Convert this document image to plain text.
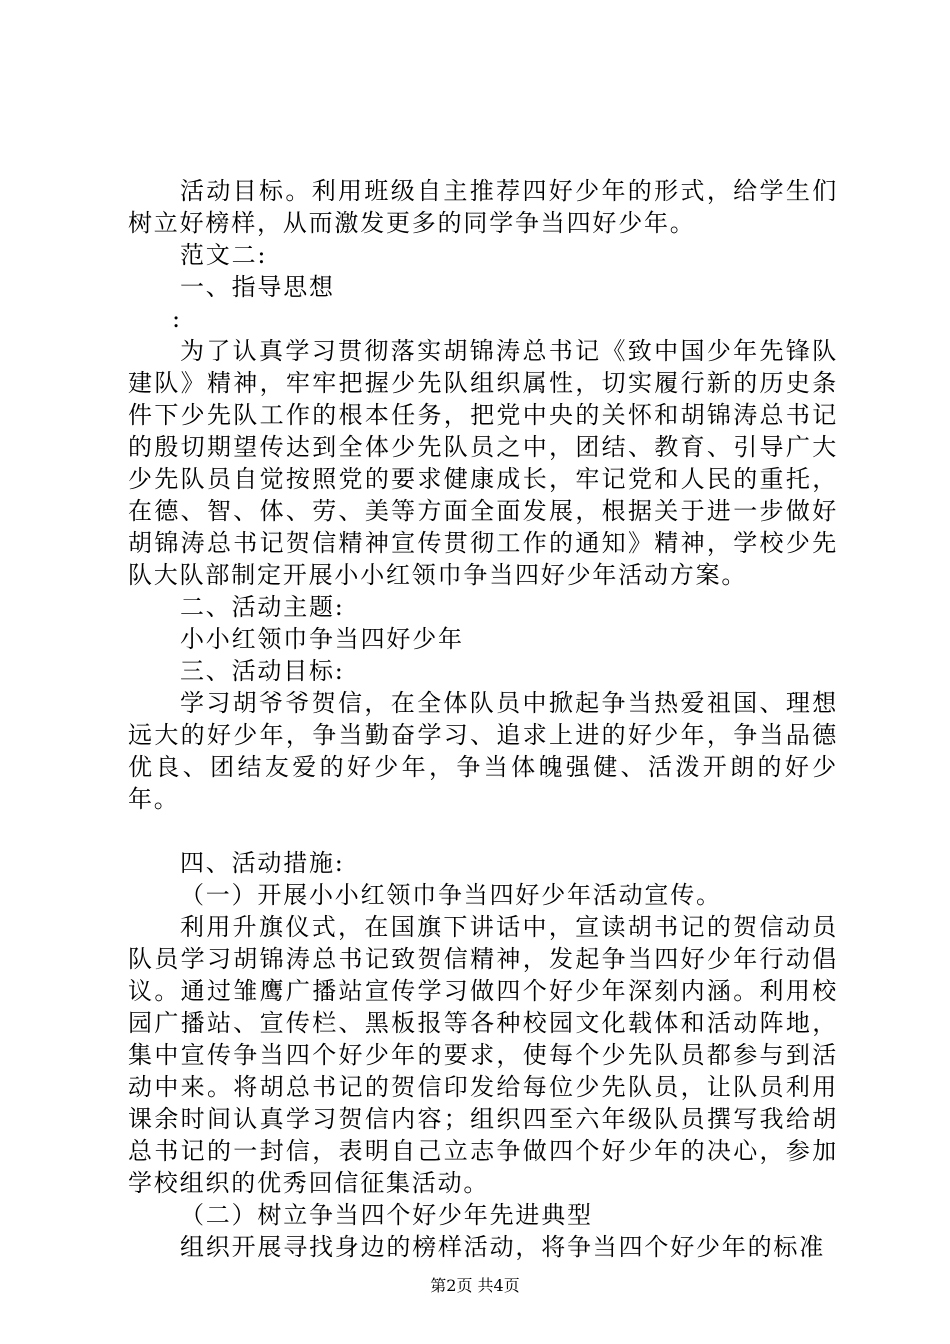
活动目标。利用班级自主推荐四好少年的形式，给学生们树立好榜样，从而激发更多的同学争当四好少年。

范文二:

一、指导思想

:

为了认真学习贯彻落实胡锦涛总书记《致中国少年先锋队建队》精神，牢牢把握少先队组织属性，切实履行新的历史条件下少先队工作的根本任务，把党中央的关怀和胡锦涛总书记的殷切期望传达到全体少先队员之中，团结、教育、引导广大少先队员自觉按照党的要求健康成长，牢记党和人民的重托，在德、智、体、劳、美等方面全面发展，根据关于进一步做好胡锦涛总书记贺信精神宣传贯彻工作的通知》精神，学校少先队大队部制定开展小小红领巾争当四好少年活动方案。

二、活动主题:

小小红领巾争当四好少年

三、活动目标:

学习胡爷爷贺信，在全体队员中掀起争当热爱祖国、理想远大的好少年，争当勤奋学习、追求上进的好少年，争当品德优良、团结友爱的好少年，争当体魄强健、活泼开朗的好少年。

四、活动措施:

（一）开展小小红领巾争当四好少年活动宣传。

利用升旗仪式，在国旗下讲话中，宣读胡书记的贺信动员队员学习胡锦涛总书记致贺信精神，发起争当四好少年行动倡议。通过雏鹰广播站宣传学习做四个好少年深刻内涵。利用校园广播站、宣传栏、黑板报等各种校园文化载体和活动阵地，集中宣传争当四个好少年的要求，使每个少先队员都参与到活动中来。将胡总书记的贺信印发给每位少先队员，让队员利用课余时间认真学习贺信内容；组织四至六年级队员撰写我给胡总书记的一封信，表明自己立志争做四个好少年的决心，参加学校组织的优秀回信征集活动。

（二）树立争当四个好少年先进典型

组织开展寻找身边的榜样活动，将争当四个好少年的标准

第2页 共4页
